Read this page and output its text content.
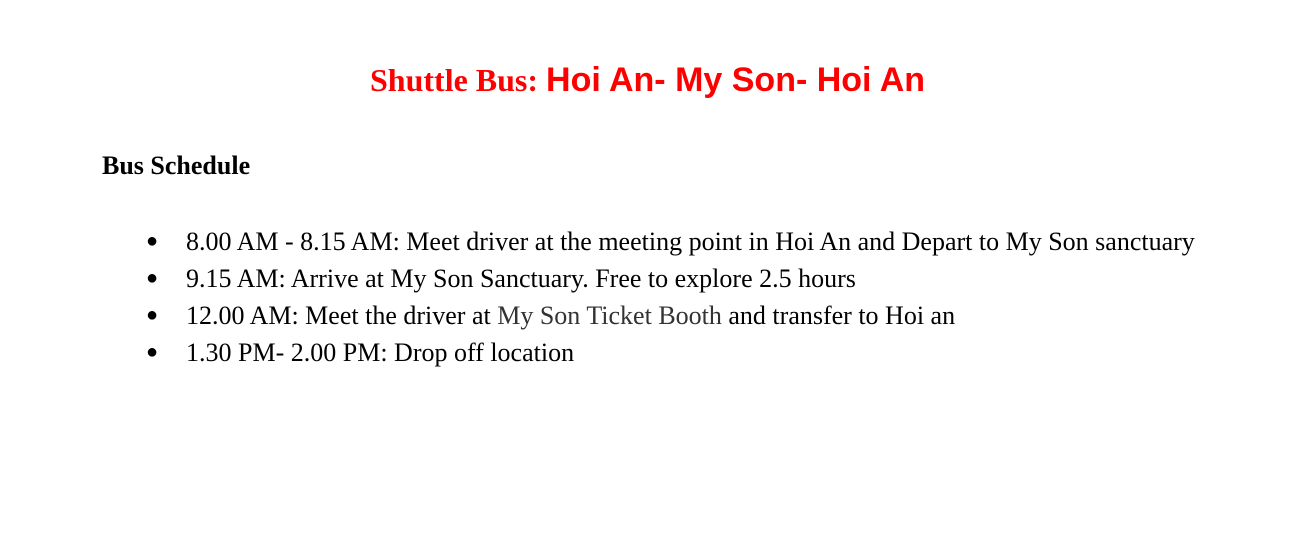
Shuttle Bus: Hoi An- My Son- Hoi An
Bus Schedule
● 8.00 AM - 8.15 AM: Meet driver at the meeting point in Hoi An and Depart to My Son sanctuary
● 9.15 AM: Arrive at My Son Sanctuary. Free to explore 2.5 hours
● 12.00 AM: Meet the driver at My Son Ticket Booth and transfer to Hoi an
● 1.30 PM- 2.00 PM: Drop off location
